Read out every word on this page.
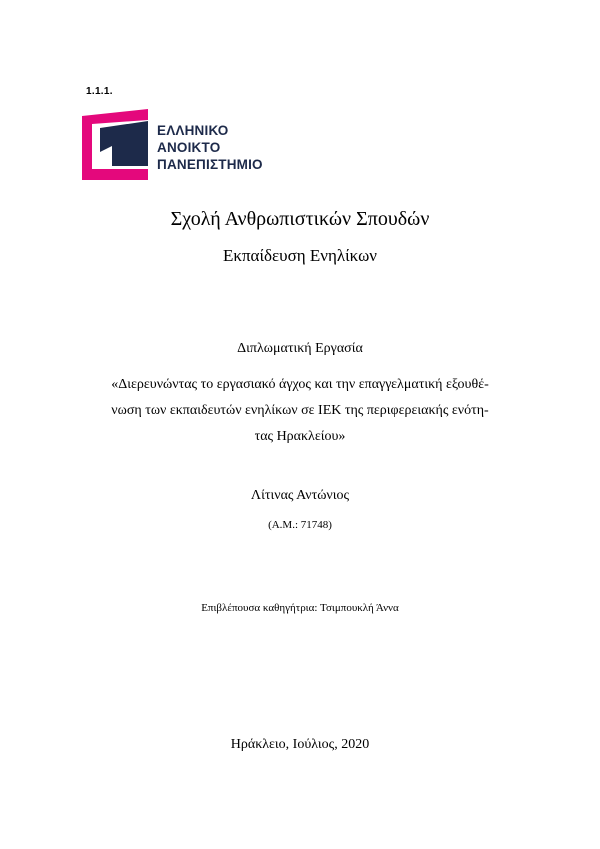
1.1.1.
ΕΛΛΗΝΙΚΟ
ΑΝΟΙΚΤΟ
ΠΑΝΕΠΙΣΤΗΜΙΟ
Σχολή Ανθρωπιστικών Σπουδών
Εκπαίδευση Ενηλίκων
Διπλωματική Εργασία
«Διερευνώντας το εργασιακό άγχος και την επαγγελματική εξουθέ-
νωση των εκπαιδευτών ενηλίκων σε ΙΕΚ της περιφερειακής ενότη-
τας Ηρακλείου»
Λίτινας Αντώνιος
(Α.Μ.: 71748)
Επιβλέπουσα καθηγήτρια: Τσιμπουκλή Άννα
Ηράκλειο, Ιούλιος, 2020
